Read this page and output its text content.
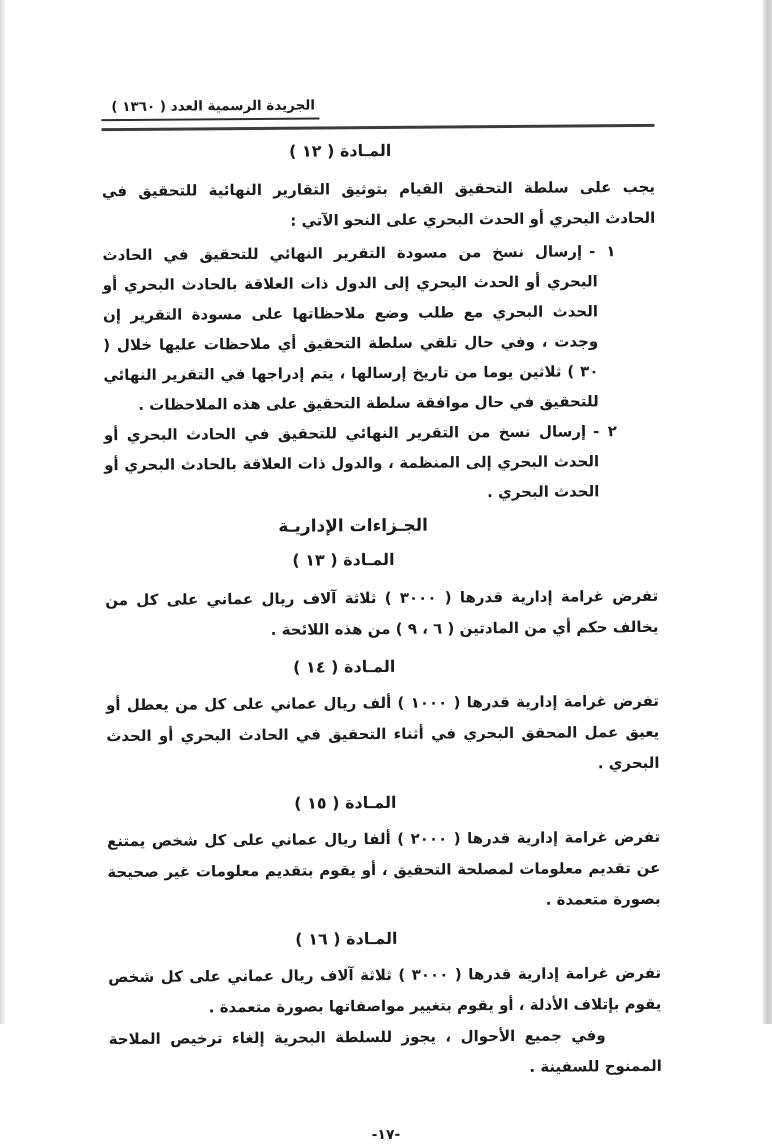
الجريدة الرسمية العدد ( ١٣٦٠ )
المـادة ( ١٢ )

يجب على سلطة التحقيق القيام بتوثيق التقارير النهائية للتحقيق في الحادث البحري أو الحدث البحري على النحو الآتي :

١ -إرسال نسخ من مسودة التقرير النهائي للتحقيق في الحادث البحري أو الحدث البحري إلى الدول ذات العلاقة بالحادث البحري أو الحدث البحري مع طلب وضع ملاحظاتها على مسودة التقرير إن وجدت ، وفي حال تلقي سلطة التحقيق أي ملاحظات عليها خلال ( ٣٠ ) ثلاثين يوما من تاريخ إرسالها ، يتم إدراجها في التقرير النهائي للتحقيق في حال موافقة سلطة التحقيق على هذه الملاحظات .
٢ -إرسال نسخ من التقرير النهائي للتحقيق في الحادث البحري أو الحدث البحري إلى المنظمة ، والدول ذات العلاقة بالحادث البحري أو الحدث البحري .
الجـزاءات الإداريـة
المـادة ( ١٣ )

تفرض غرامة إدارية قدرها ( ٣٠٠٠ ) ثلاثة آلاف ريال عماني على كل من يخالف حكم أي من المادتين ( ٦ ، ٩ ) من هذه اللائحة .

المـادة ( ١٤ )

تفرض غرامة إدارية قدرها ( ١٠٠٠ ) ألف ريال عماني على كل من يعطل أو يعيق عمل المحقق البحري في أثناء التحقيق في الحادث البحري أو الحدث البحري .

المـادة ( ١٥ )

تفرض غرامة إدارية قدرها ( ٢٠٠٠ ) ألفا ريال عماني على كل شخص يمتنع عن تقديم معلومات لمصلحة التحقيق ، أو يقوم بتقديم معلومات غير صحيحة بصورة متعمدة .

المـادة ( ١٦ )

تفرض غرامة إدارية قدرها ( ٣٠٠٠ ) ثلاثة آلاف ريال عماني على كل شخص يقوم بإتلاف الأدلة ، أو يقوم بتغيير مواصفاتها بصورة متعمدة .

وفي جميع الأحوال ، يجوز للسلطة البحرية إلغاء ترخيص الملاحة الممنوح للسفينة .

-١٧-
